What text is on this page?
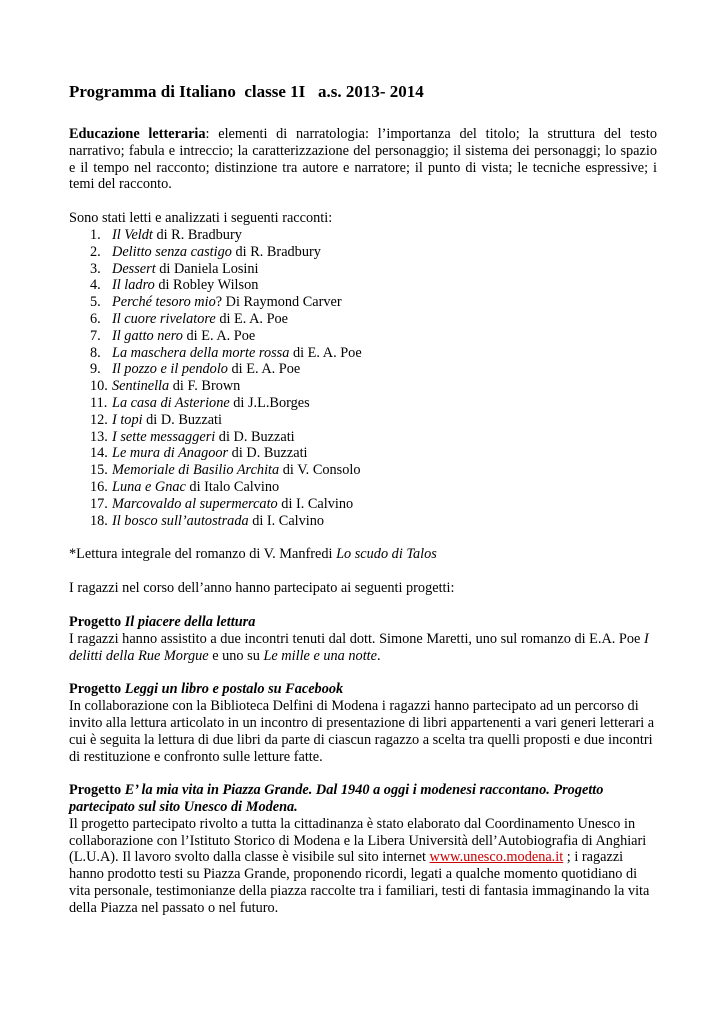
Programma di Italiano  classe 1I   a.s. 2013- 2014

Educazione letteraria: elementi di narratologia: l’importanza del titolo; la struttura del testo narrativo; fabula e intreccio; la caratterizzazione del personaggio; il sistema dei personaggi; lo spazio e il tempo nel racconto; distinzione tra autore e narratore; il punto di vista; le tecniche espressive; i temi del racconto.

Sono stati letti e analizzati i seguenti racconti:

1. Il Veldt di R. Bradbury
2. Delitto senza castigo di R. Bradbury
3. Dessert di Daniela Losini
4. Il ladro di Robley Wilson
5. Perché tesoro mio? Di Raymond Carver
6. Il cuore rivelatore di E. A. Poe
7. Il gatto nero di E. A. Poe
8. La maschera della morte rossa di E. A. Poe
9. Il pozzo e il pendolo di E. A. Poe
10. Sentinella di F. Brown
11. La casa di Asterione di J.L.Borges
12. I topi di D. Buzzati
13. I sette messaggeri di D. Buzzati
14. Le mura di Anagoor di D. Buzzati
15. Memoriale di Basilio Archita di V. Consolo
16. Luna e Gnac di Italo Calvino
17. Marcovaldo al supermercato di I. Calvino
18. Il bosco sull’autostrada di I. Calvino

*Lettura integrale del romanzo di V. Manfredi Lo scudo di Talos

I ragazzi nel corso dell’anno hanno partecipato ai seguenti progetti:

Progetto Il piacere della lettura

I ragazzi hanno assistito a due incontri tenuti dal dott. Simone Maretti, uno sul romanzo di E.A. Poe I delitti della Rue Morgue e uno su Le mille e una notte.

Progetto Leggi un libro e postalo su Facebook

In collaborazione con la Biblioteca Delfini di Modena i ragazzi hanno partecipato ad un percorso di invito alla lettura articolato in un incontro di presentazione di libri appartenenti a vari generi letterari a cui è seguita la lettura di due libri da parte di ciascun ragazzo a scelta tra quelli proposti e due incontri di restituzione e confronto sulle letture fatte.

Progetto E’ la mia vita in Piazza Grande. Dal 1940 a oggi i modenesi raccontano. Progetto partecipato sul sito Unesco di Modena.

Il progetto partecipato rivolto a tutta la cittadinanza è stato elaborato dal Coordinamento Unesco in collaborazione con l’Istituto Storico di Modena e la Libera Università dell’Autobiografia di Anghiari (L.U.A). Il lavoro svolto dalla classe è visibile sul sito internet www.unesco.modena.it ; i ragazzi hanno prodotto testi su Piazza Grande, proponendo ricordi, legati a qualche momento quotidiano di vita personale, testimonianze della piazza raccolte tra i familiari, testi di fantasia immaginando la vita della Piazza nel passato o nel futuro.
